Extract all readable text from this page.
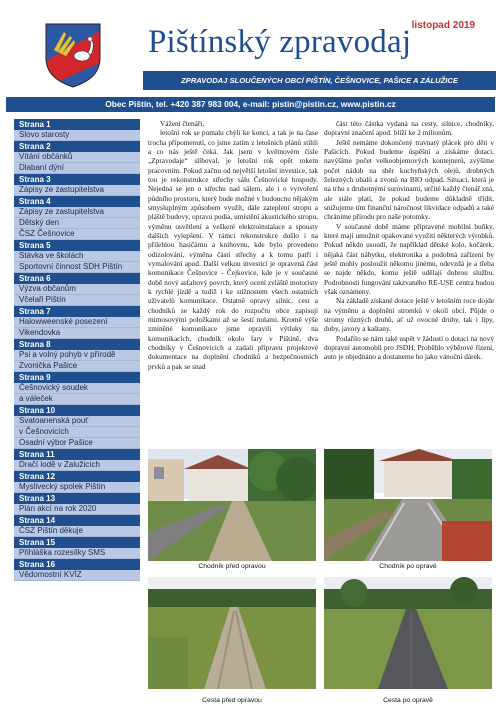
listopad 2019
Pištínský zpravodaj
ZPRAVODAJ SLOUČENÝCH OBCÍ PIŠTÍN, ČEŠNOVICE, PAŠICE A ZÁLUŽICE
Obec Pištín, tel. +420 387 983 004, e-mail: pistin@pistin.cz, www.pistin.cz
Strana 1
Slovo starosty
Strana 2
Vítání občánků
Dlabaní dýní
Strana 3
Zápisy ze zastupitelstva
Strana 4
Zápisy ze zastupitelstva
Dětský den
ČSZ Češnovice
Strana 5
Stávka ve školách
Sportovní činnost SDH Pištín
Strana 6
Výzva občanům
Včelaři Pištín
Strana 7
Halowweenské posezení
Vikendovka
Strana 8
Psi a volný pohyb v přírodě
Zvonička Pašice
Strana 9
Češnovický soudek
a váleček
Strana 10
Svatoanenská pouť
v Češnovicích
Osadní výbor Pašice
Strana 11
Dračí lodě v Zalužicích
Strana 12
Myslivecký spolek Pištín
Strana 13
Plán akcí na rok 2020
Strana 14
ČSZ Pištín děkuje
Strana 15
Přihláška rozesílky SMS
Strana 16
Vědomostní KVÍZ

Vážení čtenáři,

letošní rok se pomalu chýlí ke konci, a tak je na čase trocha připomenutí, co jsme zatím z letošních plánů stihli a co nás ještě čeká. Jak jsem v květnovém čísle „Zpravodaje“ slíboval, je letošní rok opět rokem pracovním. Pokud začnu od největší letošní investice, tak tou je rekonstrukce střechy sálu Češnovické hospody. Nejedná se jen o střechu nad sálem, ale i o vytvoření půdního prostoru, který bude možné v budoucnu nějakým smysluplným způsobem využít, dále zateplení stropu a pláště budovy, opravu podia, umístění akustického stropu, výměnu osvětlení a veškeré elektroinstalace a spousty dalších vylepšení. V rámci rekonstrukce došlo i na přílehlou hasičárnu a knihovnu, kde bylo provedeno odizolování, výměna části střechy a k tomu patří i vymalování apod. Další velkou investicí je opravená část komunikace Češnovice - Čejkovice, kde je v současné době nový asfaltový povrch, který ocení zvláště motoristy k rychlé jízdě a tudíž i ke stížnostem všech ostatních uživatelů komunikace. Ostatně opravy silnic, cest a chodníků se každý rok do rozpočtu obce zapisují mimosovými položkami až se šestí nulami. Kromě výše zmíněné komunikace jsme opravili výtluky na komunikacích, chodník okolo fary v Pištíně, dva chodníky v Češnovicích a zadali přípravu projektové dokumentace na doplnění chodníků a bezpečnostních prvků a pak se snad

část této částka vydaná na cesty, silnice, chodníky, dopravní značení apod. blíží ke 2 milionům.

Ještě nemáme dokončený travnatý plácek pro děti v Pašicích. Pokud budeme úspěšní a získáme dotaci, navýšíme počet velkoobjemových kontejnerů, zvýšíme počet nádob na sběr kuchyňských olejů, drobných železných obalů a zvonů na BIO odpad. Situaci, která je na trhu s druhotnými surovinami, určité každý čtenář zná, ale stále platí, že pokud budeme důkladně třídit, snižujeme tím finanční náročnost likvidace odpadů a také chránime přírodu pro naše potomky.

V současné době máme připravené mobilní buňky, které mají umožnit opakované využití některých výrobků. Pokud někdo usoudí, že například dětské kolo, kočárek, nějaká část nábytku, elektronika a podobná zařízení by ještě mohly posloužit někomu jinému, odevzdá je a třeba se najde někdo, komu ještě udělají dobrou službu. Podrobnosti fungování takzvaného RE-USE centra budou však oznámeny.

Na základě získané dotace ještě v letošním roce dojde na výměnu a doplnění stromků v okolí obcí. Půjde o stromy různých druhů, ať už ovocné druhy, tak i lípy, duby, javory a kaštany.

Podařilo se nám také uspět v žádosti o dotaci na nový dopravní automobil pro JSDH. Proběhlo výběrové řízení, auto je objednáno a dostaneme ho jako vánoční dárek.

Chodník před opravou	Chodník po opravě
Cesta před opravou	Cesta po opravě
